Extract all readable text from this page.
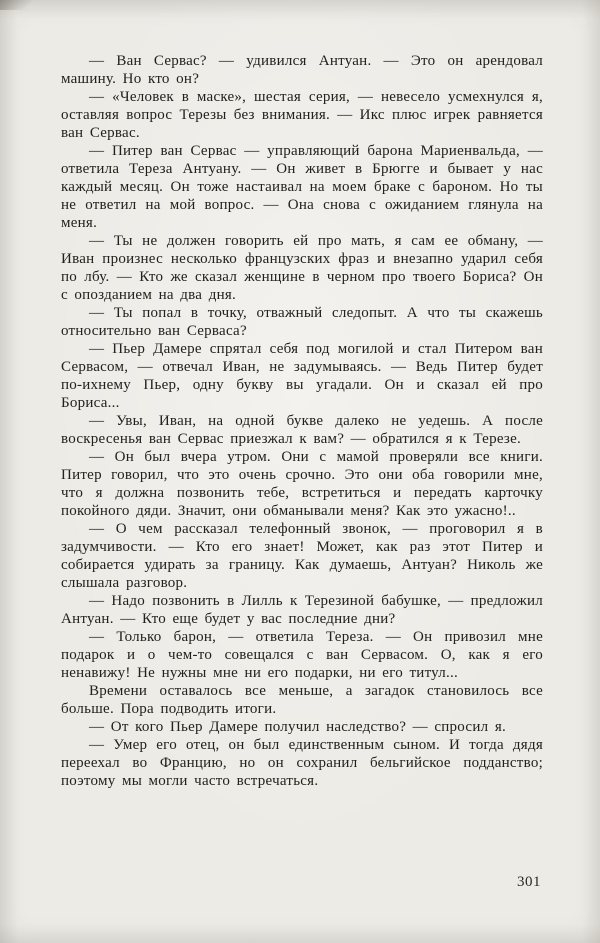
— Ван Сервас? — удивился Антуан. — Это он арендовал машину. Но кто он?

— «Человек в маске», шестая серия, — невесело усмехнулся я, оставляя вопрос Терезы без внимания. — Икс плюс игрек равняется ван Сервас.

— Питер ван Сервас — управляющий барона Мариенвальда, — ответила Тереза Антуану. — Он живет в Брюгге и бывает у нас каждый месяц. Он тоже настаивал на моем браке с бароном. Но ты не ответил на мой вопрос. — Она снова с ожиданием глянула на меня.

— Ты не должен говорить ей про мать, я сам ее обману, — Иван произнес несколько французских фраз и внезапно ударил себя по лбу. — Кто же сказал женщине в черном про твоего Бориса? Он с опозданием на два дня.

— Ты попал в точку, отважный следопыт. А что ты скажешь относительно ван Серваса?

— Пьер Дамере спрятал себя под могилой и стал Питером ван Сервасом, — отвечал Иван, не задумываясь. — Ведь Питер будет по-ихнему Пьер, одну букву вы угадали. Он и сказал ей про Бориса...

— Увы, Иван, на одной букве далеко не уедешь. А после воскресенья ван Сервас приезжал к вам? — обратился я к Терезе.

— Он был вчера утром. Они с мамой проверяли все книги. Питер говорил, что это очень срочно. Это они оба говорили мне, что я должна позвонить тебе, встретиться и передать карточку покойного дяди. Значит, они обманывали меня? Как это ужасно!..

— О чем рассказал телефонный звонок, — проговорил я в задумчивости. — Кто его знает! Может, как раз этот Питер и собирается удирать за границу. Как думаешь, Антуан? Николь же слышала разговор.

— Надо позвонить в Лилль к Терезиной бабушке, — предложил Антуан. — Кто еще будет у вас последние дни?

— Только барон, — ответила Тереза. — Он привозил мне подарок и о чем-то совещался с ван Сервасом. О, как я его ненавижу! Не нужны мне ни его подарки, ни его титул...

Времени оставалось все меньше, а загадок становилось все больше. Пора подводить итоги.

— От кого Пьер Дамере получил наследство? — спросил я.

— Умер его отец, он был единственным сыном. И тогда дядя переехал во Францию, но он сохранил бельгийское подданство; поэтому мы могли часто встречаться.

301
